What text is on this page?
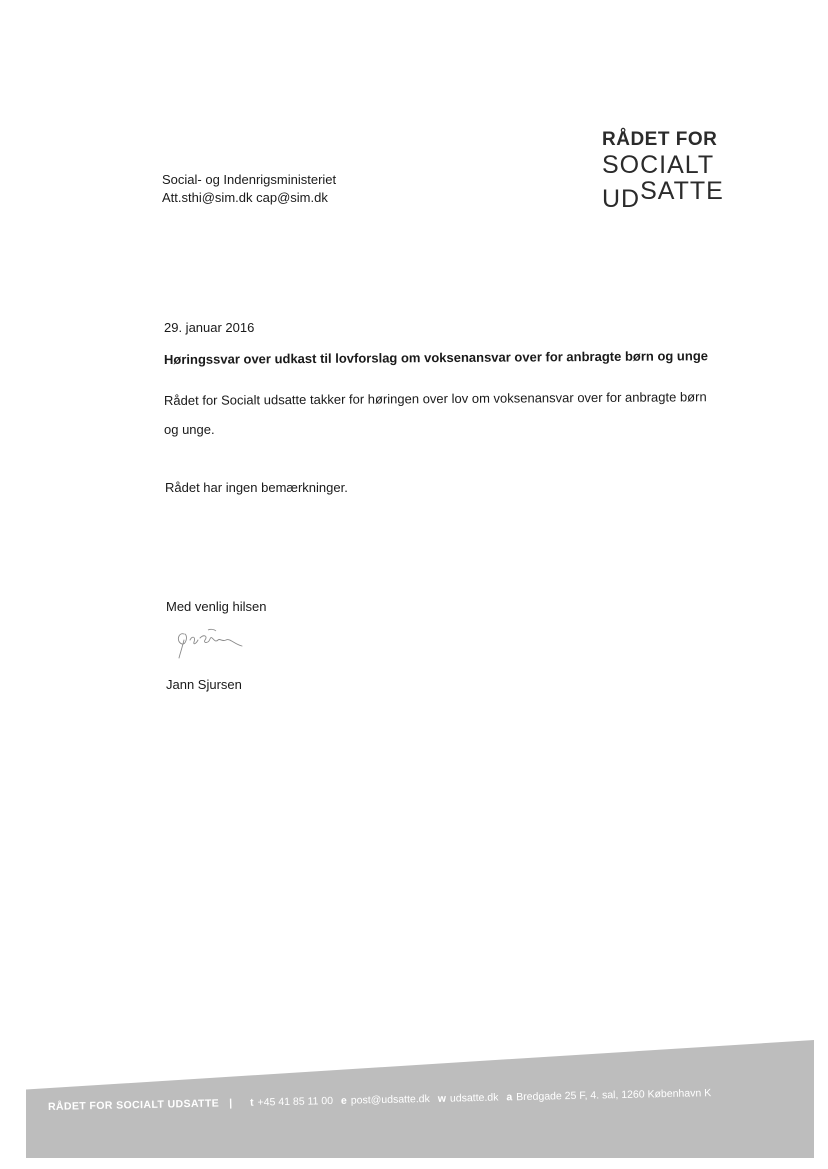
RÅDET FOR
SOCIALT
UDSATTE
Social- og Indenrigsministeriet
Att.sthi@sim.dk cap@sim.dk
29. januar 2016
Høringssvar over udkast til lovforslag om voksenansvar over for anbragte børn og unge
Rådet for Socialt udsatte takker for høringen over lov om voksenansvar over for anbragte børn
og unge.
Rådet har ingen bemærkninger.
Med venlig hilsen
Jann Sjursen
RÅDET FOR SOCIALT UDSATTE | t +45 41 85 11 00 e post@udsatte.dk w udsatte.dk a Bredgade 25 F, 4. sal, 1260 København K
